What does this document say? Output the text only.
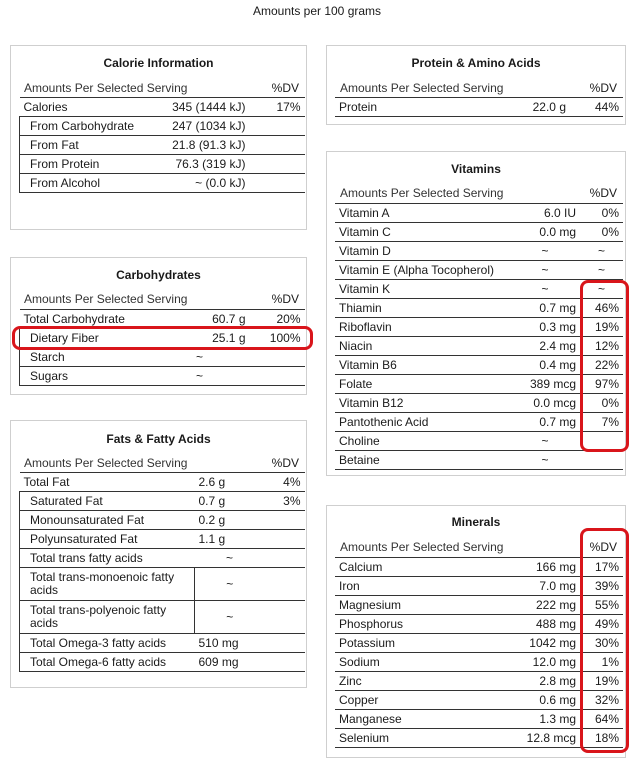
Amounts per 100 grams
Calorie Information
Amounts Per Selected Serving	%DV
Calories	345 (1444 kJ)	17%
From Carbohydrate	247 (1034 kJ)	
From Fat	21.8 (91.3 kJ)	
From Protein	76.3 (319 kJ)	
From Alcohol	~ (0.0 kJ)	
Carbohydrates
Amounts Per Selected Serving	%DV
Total Carbohydrate	60.7 g	20%
Dietary Fiber	25.1 g	100%
Starch	~	
Sugars	~	
Fats & Fatty Acids
Amounts Per Selected Serving	%DV
Total Fat	2.6 g	4%
Saturated Fat	0.7 g	3%
Monounsaturated Fat	0.2 g	
Polyunsaturated Fat	1.1 g	
Total trans fatty acids	~	
Total trans-monoenoic fatty acids	~	
Total trans-polyenoic fatty acids	~	
Total Omega-3 fatty acids	510 mg	
Total Omega-6 fatty acids	609 mg	
Protein & Amino Acids
Amounts Per Selected Serving	%DV
Protein	22.0 g	44%
Vitamins
Amounts Per Selected Serving	%DV
Vitamin A	6.0 IU	0%
Vitamin C	0.0 mg	0%
Vitamin D	~	~
Vitamin E (Alpha Tocopherol)	~	~
Vitamin K	~	~
Thiamin	0.7 mg	46%
Riboflavin	0.3 mg	19%
Niacin	2.4 mg	12%
Vitamin B6	0.4 mg	22%
Folate	389 mcg	97%
Vitamin B12	0.0 mcg	0%
Pantothenic Acid	0.7 mg	7%
Choline	~	
Betaine	~	
Minerals
Amounts Per Selected Serving	%DV
Calcium	166 mg	17%
Iron	7.0 mg	39%
Magnesium	222 mg	55%
Phosphorus	488 mg	49%
Potassium	1042 mg	30%
Sodium	12.0 mg	1%
Zinc	2.8 mg	19%
Copper	0.6 mg	32%
Manganese	1.3 mg	64%
Selenium	12.8 mcg	18%
